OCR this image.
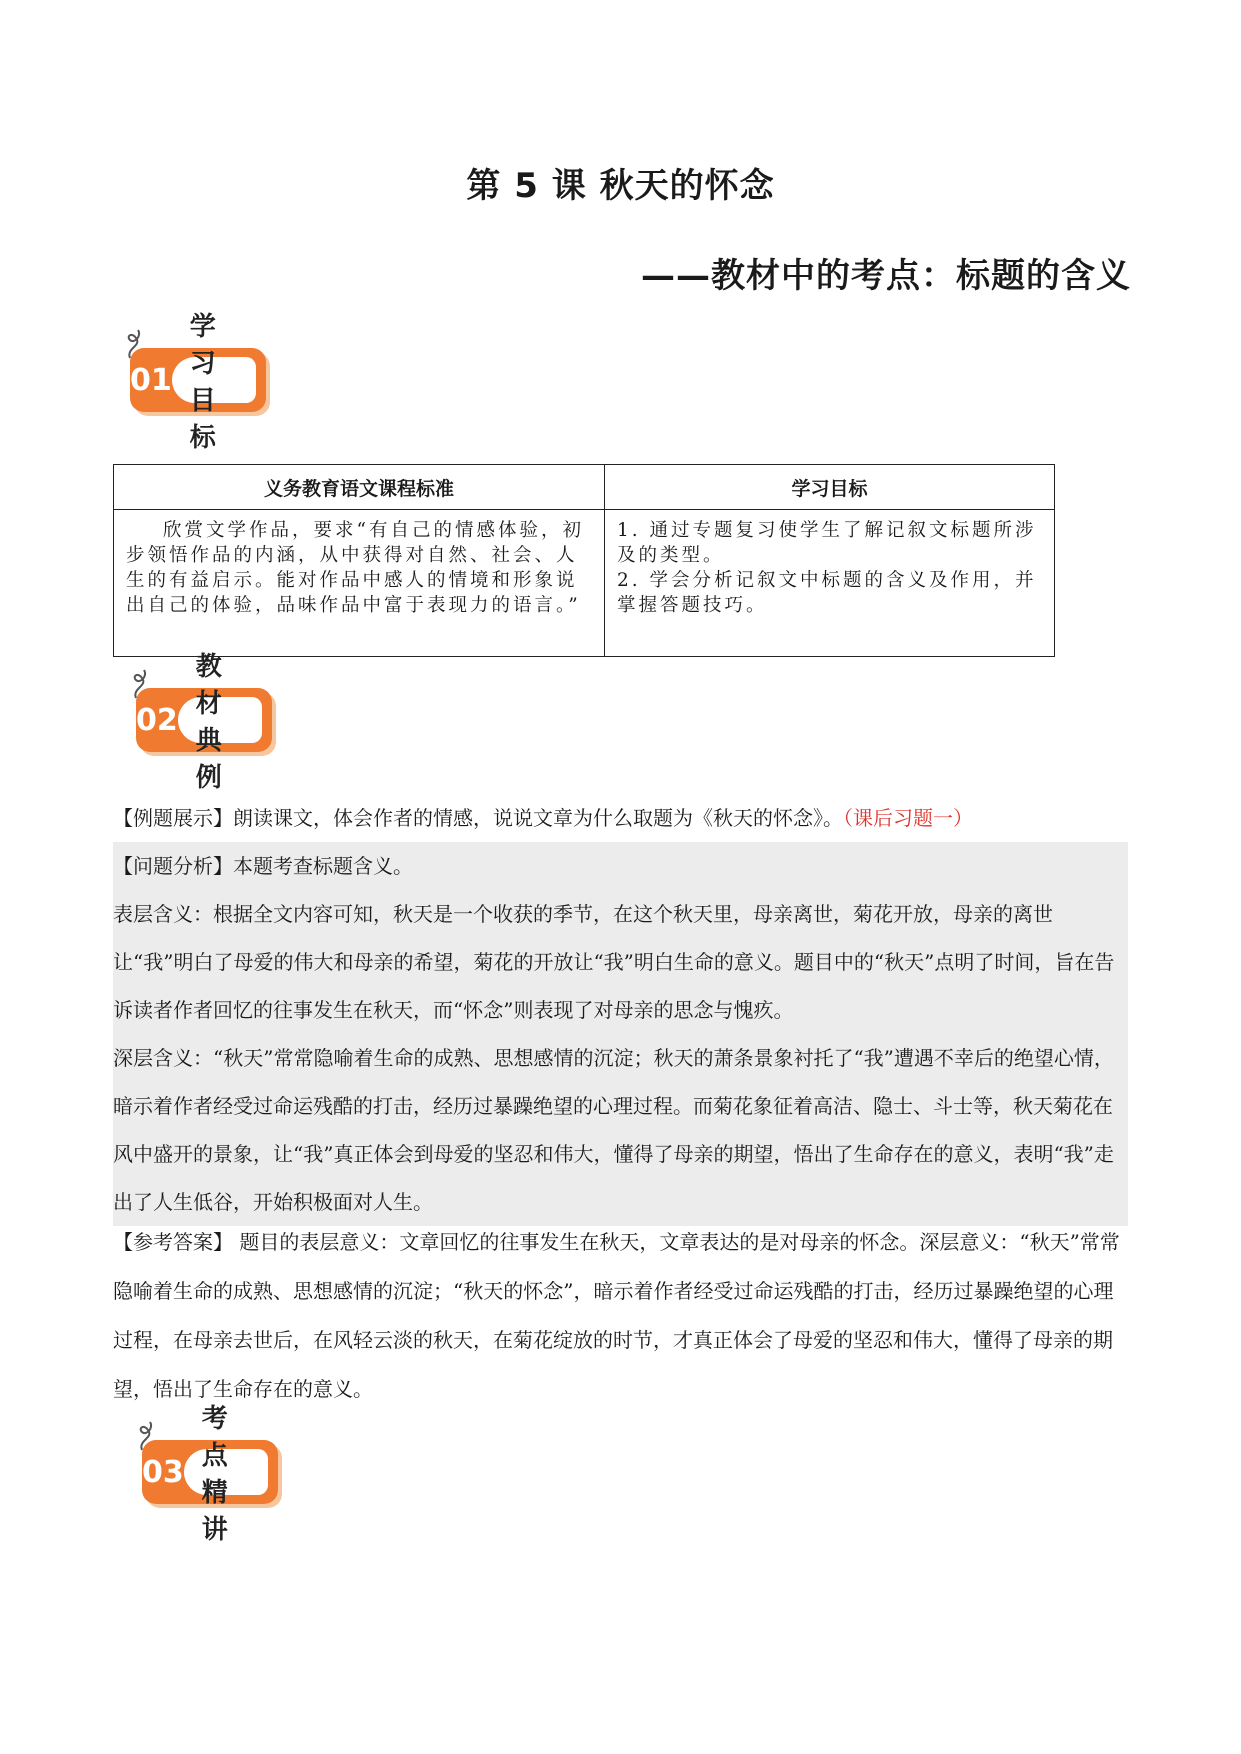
第 5 课 秋天的怀念
——教材中的考点：标题的含义
01
学习目标
义务教育语文课程标准	学习目标

欣赏文学作品，要求“有自己的情感体验，初步领悟作品的内涵，从中获得对自然、社会、人生的有益启示。能对作品中感人的情境和形象说出自己的体验，品味作品中富于表现力的语言。”	1. 通过专题复习使学生了解记叙文标题所涉及的类型。
2. 学会分析记叙文中标题的含义及作用，并掌握答题技巧。
02
教材典例
【例题展示】朗读课文，体会作者的情感，说说文章为什么取题为《秋天的怀念》。（课后习题一）

【问题分析】本题考查标题含义。

表层含义：根据全文内容可知，秋天是一个收获的季节，在这个秋天里，母亲离世，菊花开放，母亲的离世让“我”明白了母爱的伟大和母亲的希望，菊花的开放让“我”明白生命的意义。题目中的“秋天”点明了时间，旨在告诉读者作者回忆的往事发生在秋天，而“怀念”则表现了对母亲的思念与愧疚。

深层含义：“秋天”常常隐喻着生命的成熟、思想感情的沉淀；秋天的萧条景象衬托了“我”遭遇不幸后的绝望心情，暗示着作者经受过命运残酷的打击，经历过暴躁绝望的心理过程。而菊花象征着高洁、隐士、斗士等，秋天菊花在风中盛开的景象，让“我”真正体会到母爱的坚忍和伟大，懂得了母亲的期望，悟出了生命存在的意义，表明“我”走出了人生低谷，开始积极面对人生。

【参考答案】 题目的表层意义：文章回忆的往事发生在秋天，文章表达的是对母亲的怀念。深层意义：“秋天”常常隐喻着生命的成熟、思想感情的沉淀；“秋天的怀念”，暗示着作者经受过命运残酷的打击，经历过暴躁绝望的心理过程，在母亲去世后，在风轻云淡的秋天，在菊花绽放的时节，才真正体会了母爱的坚忍和伟大，懂得了母亲的期望，悟出了生命存在的意义。
03
考点精讲
